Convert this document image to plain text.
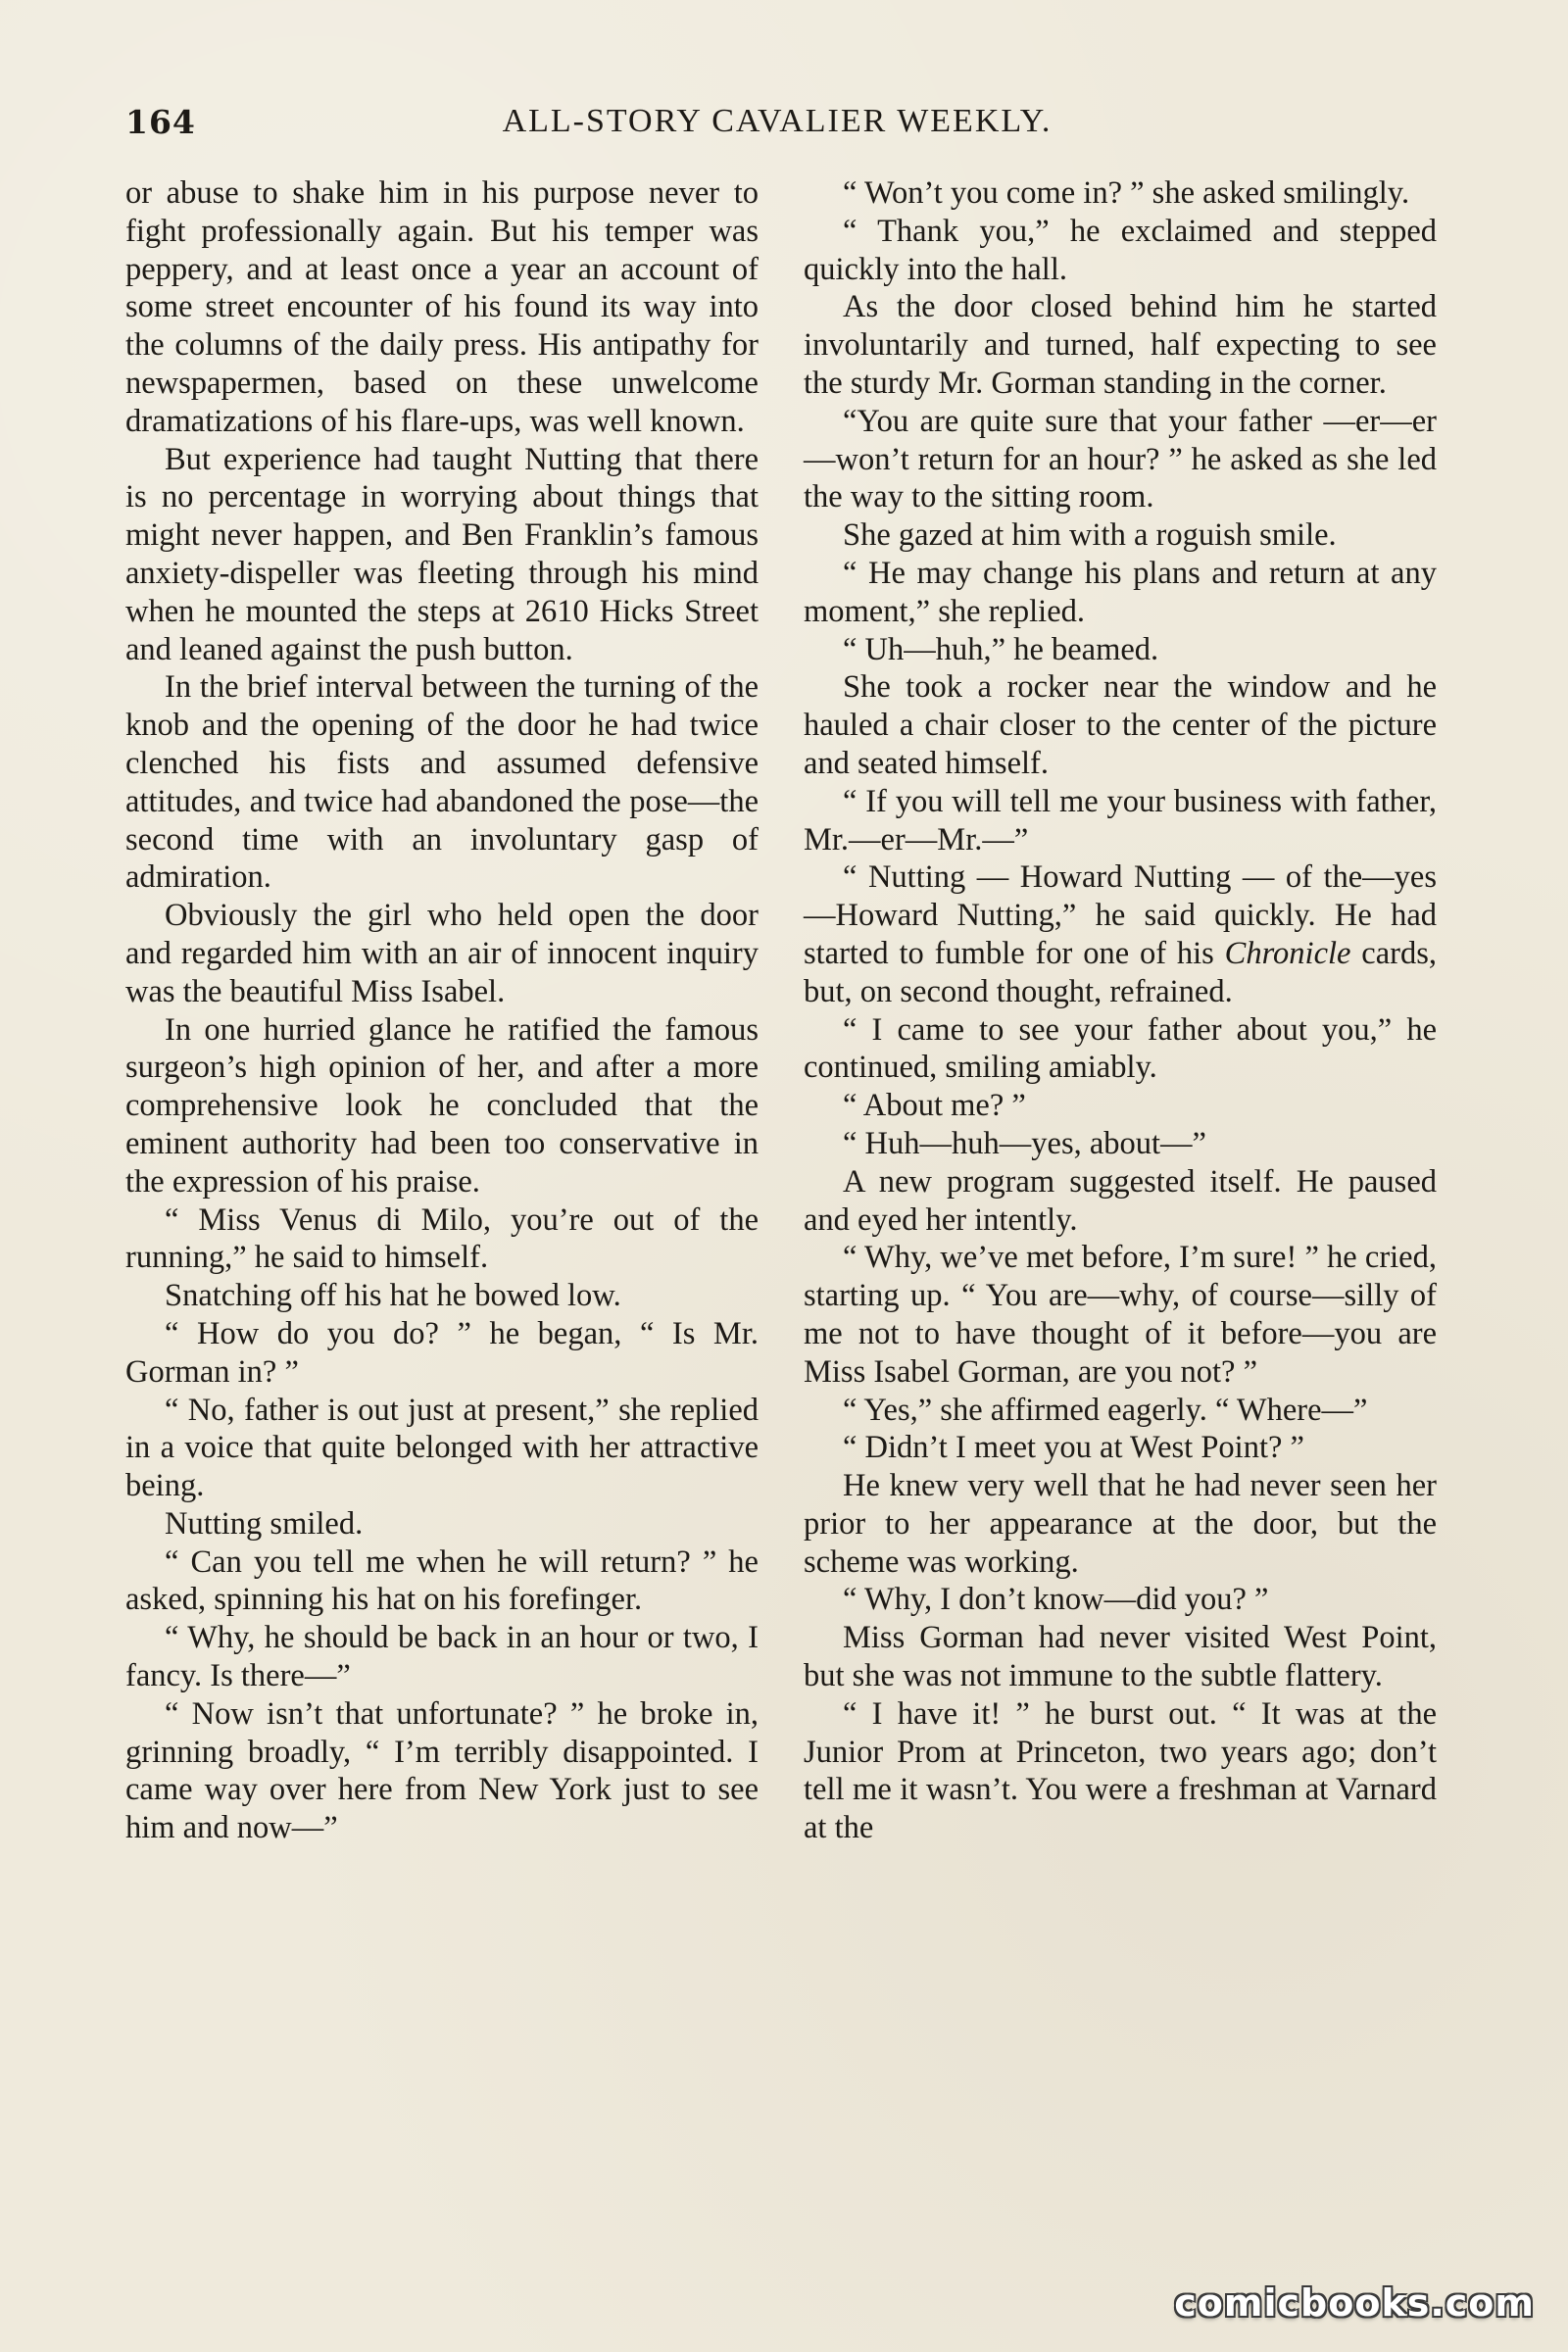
164	ALL-STORY CAVALIER WEEKLY.

or abuse to shake him in his purpose never to fight professionally again. But his temper was peppery, and at least once a year an account of some street encounter of his found its way into the columns of the daily press. His antipathy for newspapermen, based on these unwelcome dramatizations of his flare-ups, was well known.

But experience had taught Nutting that there is no percentage in worrying about things that might never happen, and Ben Franklin’s famous anxiety-dispeller was fleeting through his mind when he mounted the steps at 2610 Hicks Street and leaned against the push button.

In the brief interval between the turning of the knob and the opening of the door he had twice clenched his fists and assumed defensive attitudes, and twice had abandoned the pose—the second time with an involuntary gasp of admiration.

Obviously the girl who held open the door and regarded him with an air of innocent inquiry was the beautiful Miss Isabel.

In one hurried glance he ratified the famous surgeon’s high opinion of her, and after a more comprehensive look he concluded that the eminent authority had been too conservative in the expression of his praise.

“ Miss Venus di Milo, you’re out of the running,” he said to himself.

Snatching off his hat he bowed low.

“ How do you do? ” he began, “ Is Mr. Gorman in? ”

“ No, father is out just at present,” she replied in a voice that quite belonged with her attractive being.

Nutting smiled.

“ Can you tell me when he will return? ” he asked, spinning his hat on his forefinger.

“ Why, he should be back in an hour or two, I fancy. Is there—”

“ Now isn’t that unfortunate? ” he broke in, grinning broadly, “ I’m terribly disappointed. I came way over here from New York just to see him and now—”

“ Won’t you come in? ” she asked smilingly.

“ Thank you,” he exclaimed and stepped quickly into the hall.

As the door closed behind him he started involuntarily and turned, half expecting to see the sturdy Mr. Gorman standing in the corner.

“You are quite sure that your father —er—er—won’t return for an hour? ” he asked as she led the way to the sitting room.

She gazed at him with a roguish smile.

“ He may change his plans and return at any moment,” she replied.

“ Uh—huh,” he beamed.

She took a rocker near the window and he hauled a chair closer to the center of the picture and seated himself.

“ If you will tell me your business with father, Mr.—er—Mr.—”

“ Nutting — Howard Nutting — of the—yes—Howard Nutting,” he said quickly. He had started to fumble for one of his Chronicle cards, but, on second thought, refrained.

“ I came to see your father about you,” he continued, smiling amiably.

“ About me? ”

“ Huh—huh—yes, about—”

A new program suggested itself. He paused and eyed her intently.

“ Why, we’ve met before, I’m sure! ” he cried, starting up. “ You are—why, of course—silly of me not to have thought of it before—you are Miss Isabel Gorman, are you not? ”

“ Yes,” she affirmed eagerly. “ Where—”

“ Didn’t I meet you at West Point? ”

He knew very well that he had never seen her prior to her appearance at the door, but the scheme was working.

“ Why, I don’t know—did you? ”

Miss Gorman had never visited West Point, but she was not immune to the subtle flattery.

“ I have it! ” he burst out. “ It was at the Junior Prom at Princeton, two years ago; don’t tell me it wasn’t. You were a freshman at Varnard at the

comicbooks.com
